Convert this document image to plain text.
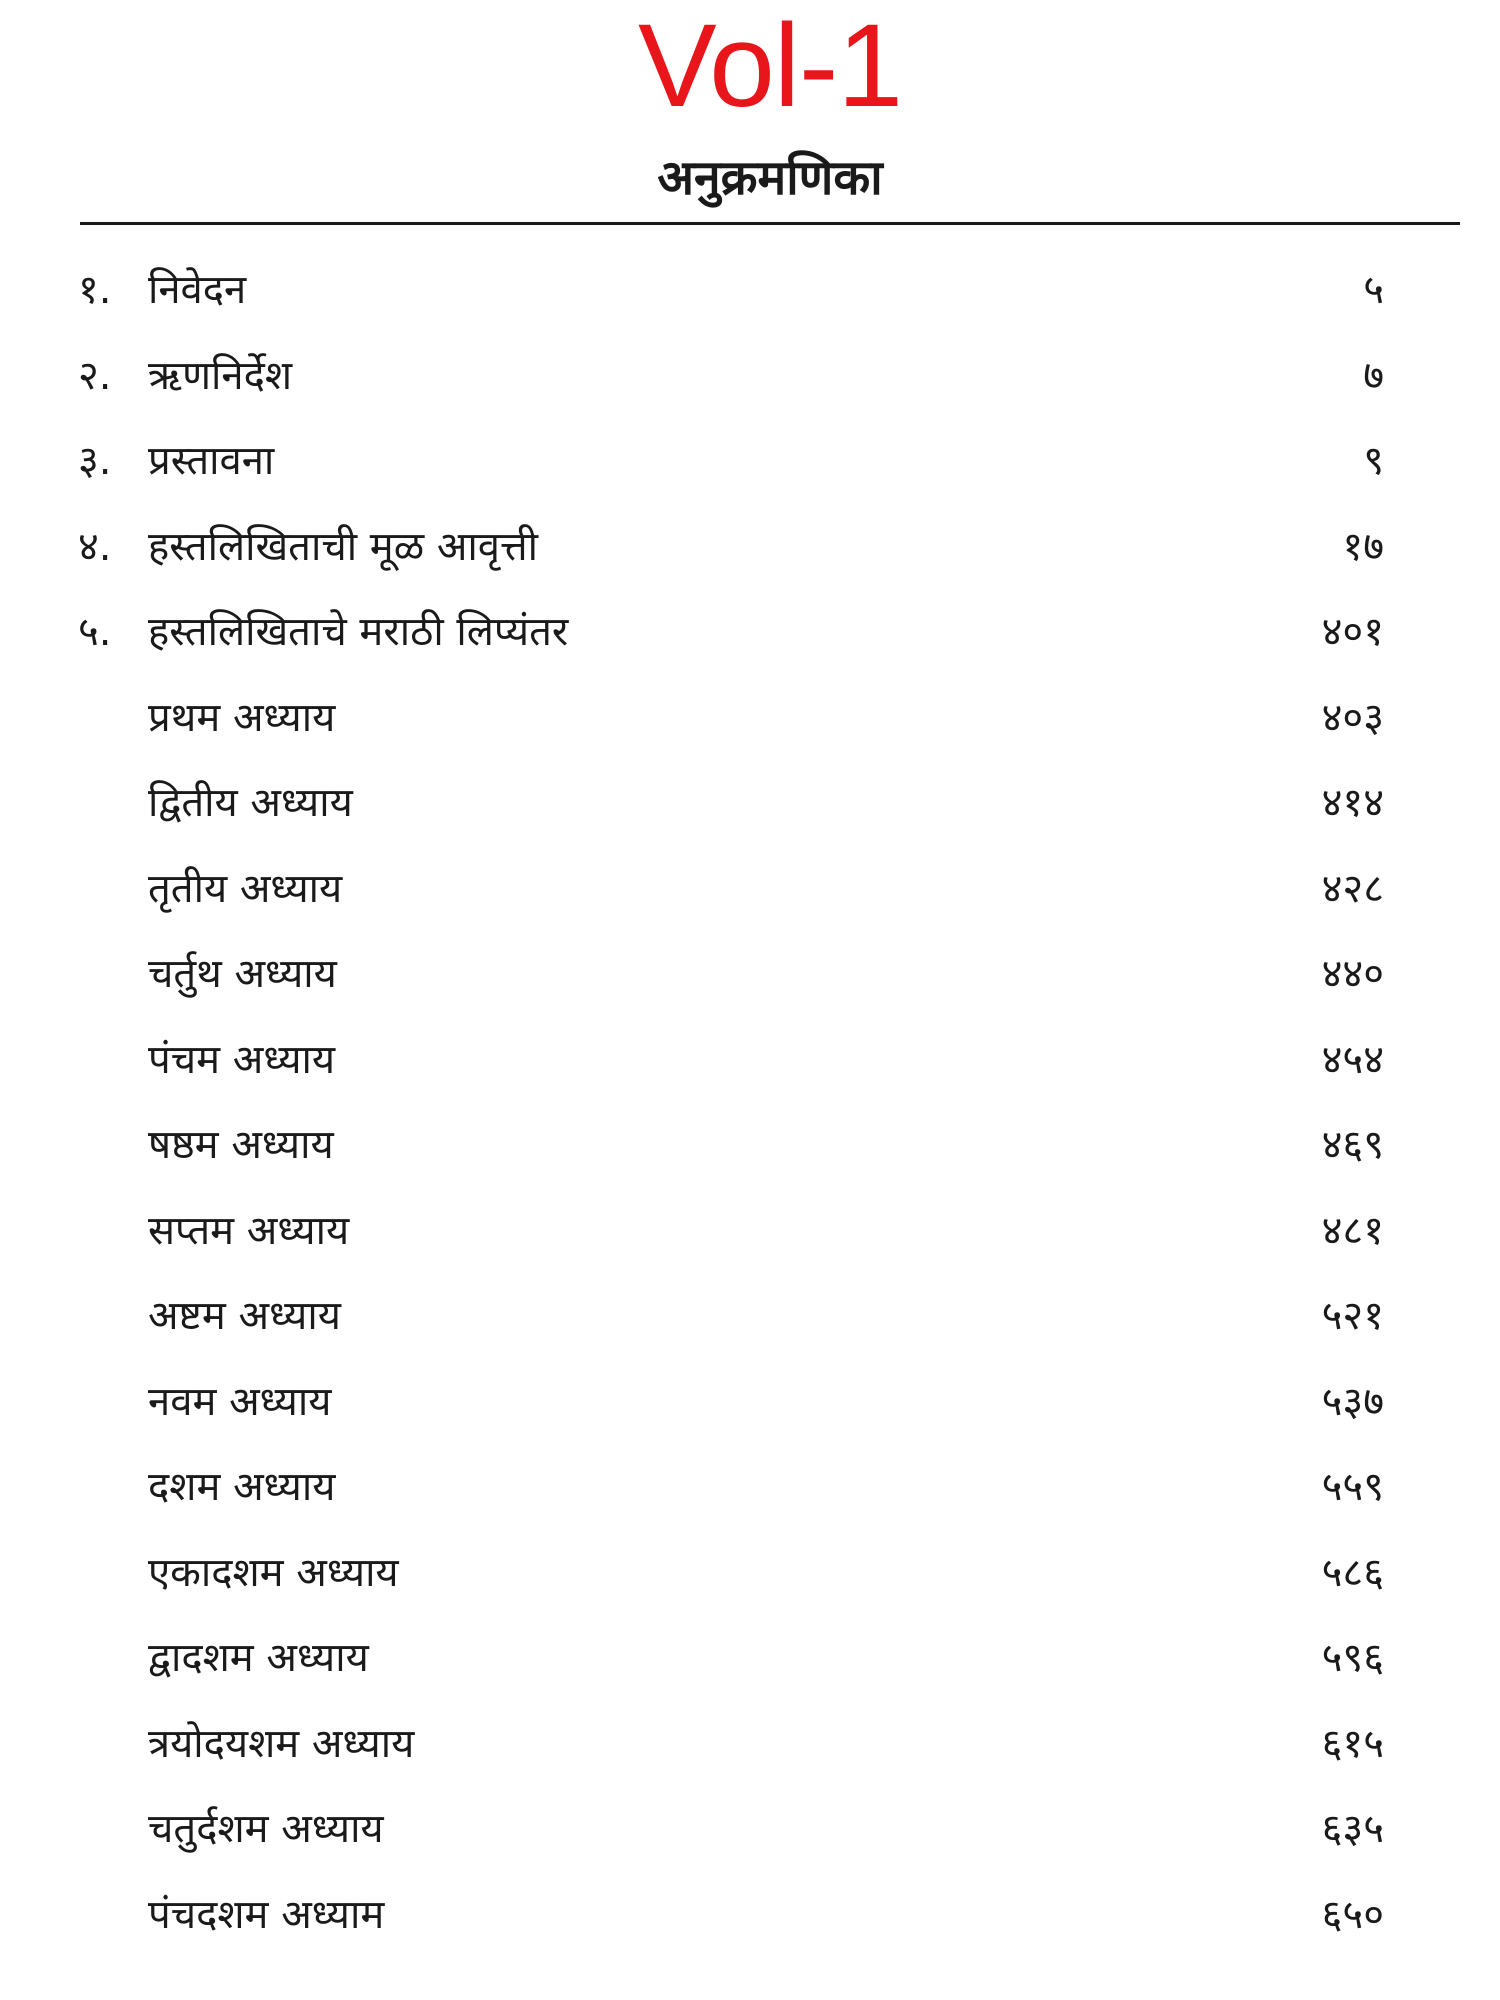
Vol-1
अनुक्रमणिका
१. निवेदन	५
२. ऋणनिर्देश	७
३. प्रस्तावना	९
४. हस्तलिखिताची मूळ आवृत्ती	१७
५. हस्तलिखिताचे मराठी लिप्यंतर	४०१
प्रथम अध्याय	४०३
द्वितीय अध्याय	४१४
तृतीय अध्याय	४२८
चर्तुथ अध्याय	४४०
पंचम अध्याय	४५४
षष्ठम अध्याय	४६९
सप्तम अध्याय	४८१
अष्टम अध्याय	५२१
नवम अध्याय	५३७
दशम अध्याय	५५९
एकादशम अध्याय	५८६
द्वादशम अध्याय	५९६
त्रयोदयशम अध्याय	६१५
चतुर्दशम अध्याय	६३५
पंचदशम अध्याम	६५०
